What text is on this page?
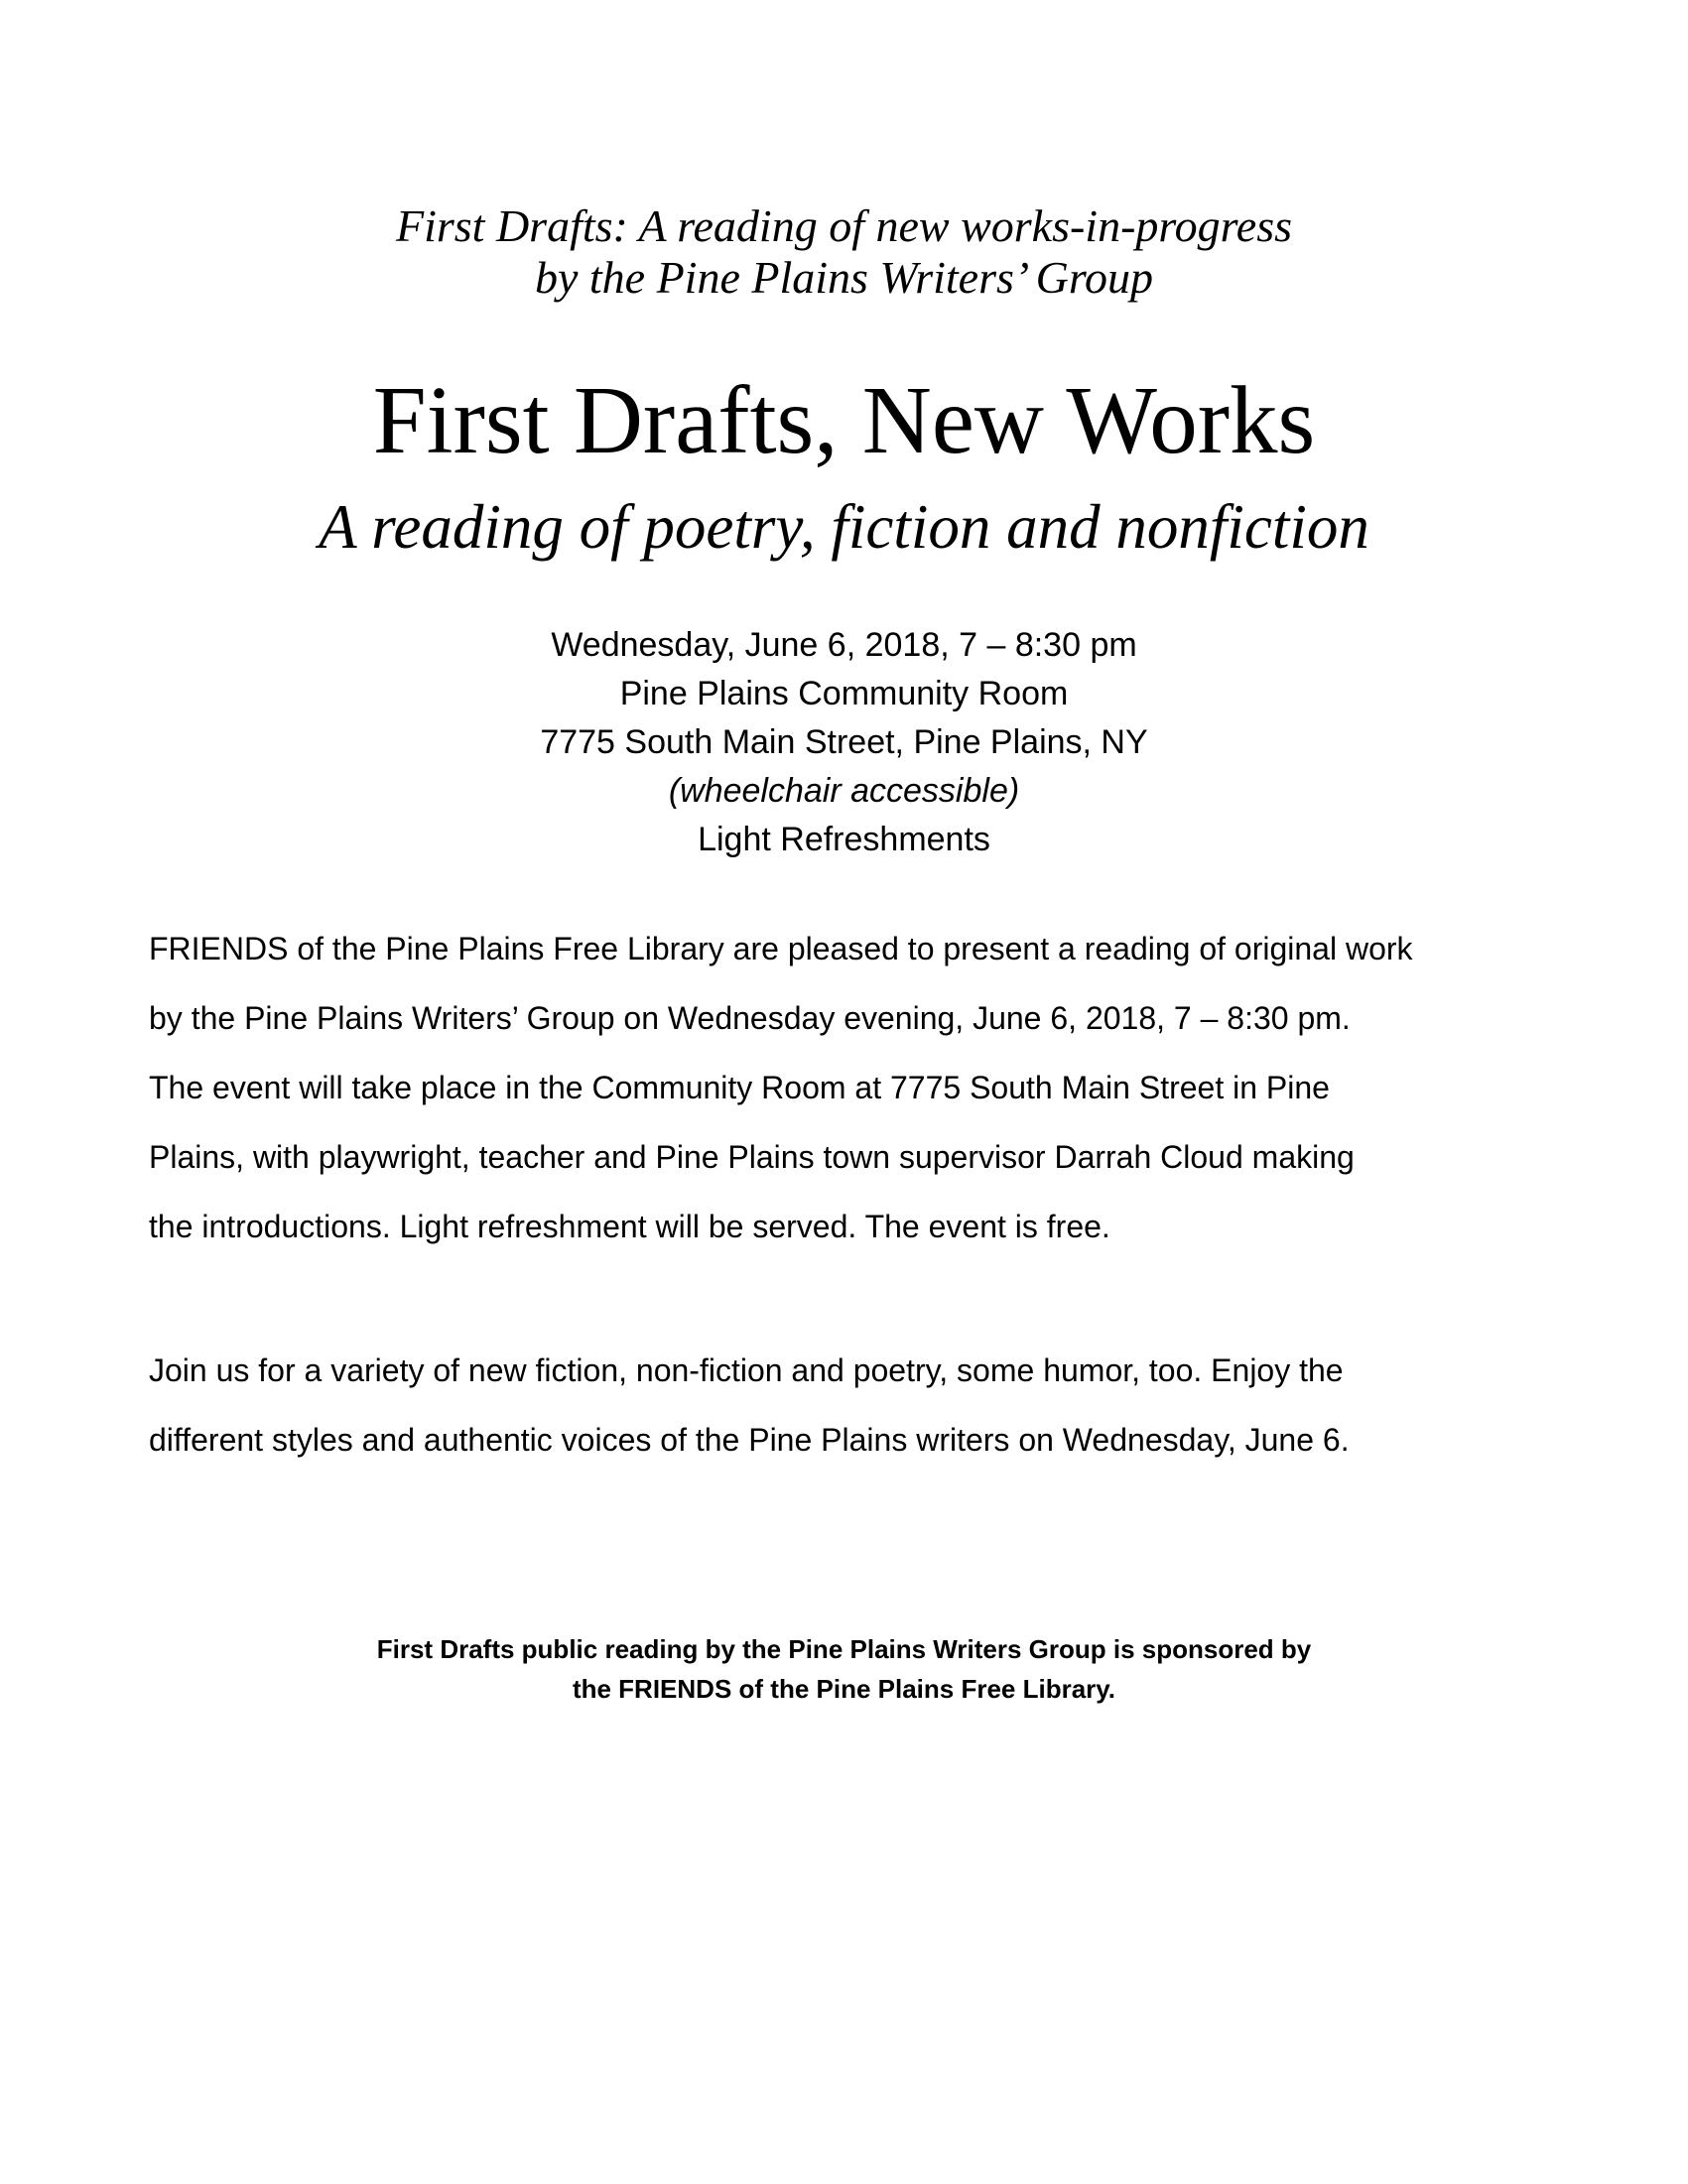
First Drafts: A reading of new works-in-progress
by the Pine Plains Writers’ Group
First Drafts, New Works
A reading of poetry, fiction and nonfiction
Wednesday, June 6, 2018, 7 – 8:30 pm
Pine Plains Community Room
7775 South Main Street, Pine Plains, NY
(wheelchair accessible)
Light Refreshments
FRIENDS of the Pine Plains Free Library are pleased to present a reading of original work
by the Pine Plains Writers’ Group on Wednesday evening, June 6, 2018, 7 – 8:30 pm.
The event will take place in the Community Room at 7775 South Main Street in Pine
Plains, with playwright, teacher and Pine Plains town supervisor Darrah Cloud making
the introductions. Light refreshment will be served. The event is free.
Join us for a variety of new fiction, non-fiction and poetry, some humor, too. Enjoy the
different styles and authentic voices of the Pine Plains writers on Wednesday, June 6.
First Drafts public reading by the Pine Plains Writers Group is sponsored by
the FRIENDS of the Pine Plains Free Library.
